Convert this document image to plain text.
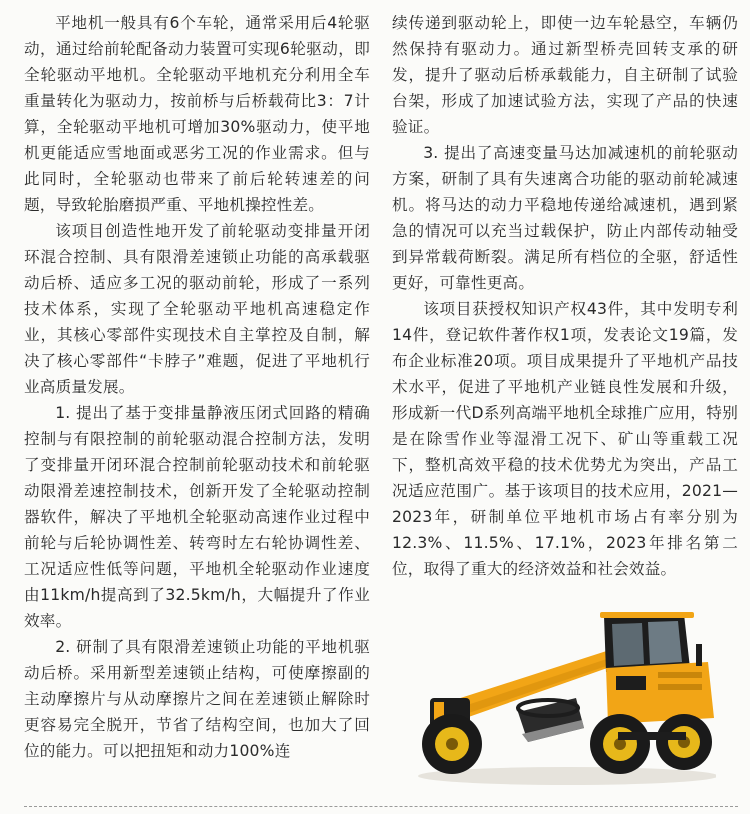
平地机一般具有6个车轮，通常采用后4轮驱动，通过给前轮配备动力装置可实现6轮驱动，即全轮驱动平地机。全轮驱动平地机充分利用全车重量转化为驱动力，按前桥与后桥载荷比3：7计算，全轮驱动平地机可增加30%驱动力，使平地机更能适应雪地面或恶劣工况的作业需求。但与此同时，全轮驱动也带来了前后轮转速差的问题，导致轮胎磨损严重、平地机操控性差。

该项目创造性地开发了前轮驱动变排量开闭环混合控制、具有限滑差速锁止功能的高承载驱动后桥、适应多工况的驱动前轮，形成了一系列技术体系，实现了全轮驱动平地机高速稳定作业，其核心零部件实现技术自主掌控及自制，解决了核心零部件“卡脖子”难题，促进了平地机行业高质量发展。

1. 提出了基于变排量静液压闭式回路的精确控制与有限控制的前轮驱动混合控制方法，发明了变排量开闭环混合控制前轮驱动技术和前轮驱动限滑差速控制技术，创新开发了全轮驱动控制器软件，解决了平地机全轮驱动高速作业过程中前轮与后轮协调性差、转弯时左右轮协调性差、工况适应性低等问题，平地机全轮驱动作业速度由11km/h提高到了32.5km/h，大幅提升了作业效率。

2. 研制了具有限滑差速锁止功能的平地机驱动后桥。采用新型差速锁止结构，可使摩擦副的主动摩擦片与从动摩擦片之间在差速锁止解除时更容易完全脱开，节省了结构空间，也加大了回位的能力。可以把扭矩和动力100%连

续传递到驱动轮上，即使一边车轮悬空，车辆仍然保持有驱动力。通过新型桥壳回转支承的研发，提升了驱动后桥承载能力，自主研制了试验台架，形成了加速试验方法，实现了产品的快速验证。

3. 提出了高速变量马达加减速机的前轮驱动方案，研制了具有失速离合功能的驱动前轮减速机。将马达的动力平稳地传递给减速机，遇到紧急的情况可以充当过载保护，防止内部传动轴受到异常载荷断裂。满足所有档位的全驱，舒适性更好，可靠性更高。

该项目获授权知识产权43件，其中发明专利14件，登记软件著作权1项，发表论文19篇，发布企业标准20项。项目成果提升了平地机产品技术水平，促进了平地机产业链良性发展和升级，形成新一代D系列高端平地机全球推广应用，特别是在除雪作业等湿滑工况下、矿山等重载工况下，整机高效平稳的技术优势尤为突出，产品工况适应范围广。基于该项目的技术应用，2021—2023年，研制单位平地机市场占有率分别为12.3%、11.5%、17.1%，2023年排名第二位，取得了重大的经济效益和社会效益。
